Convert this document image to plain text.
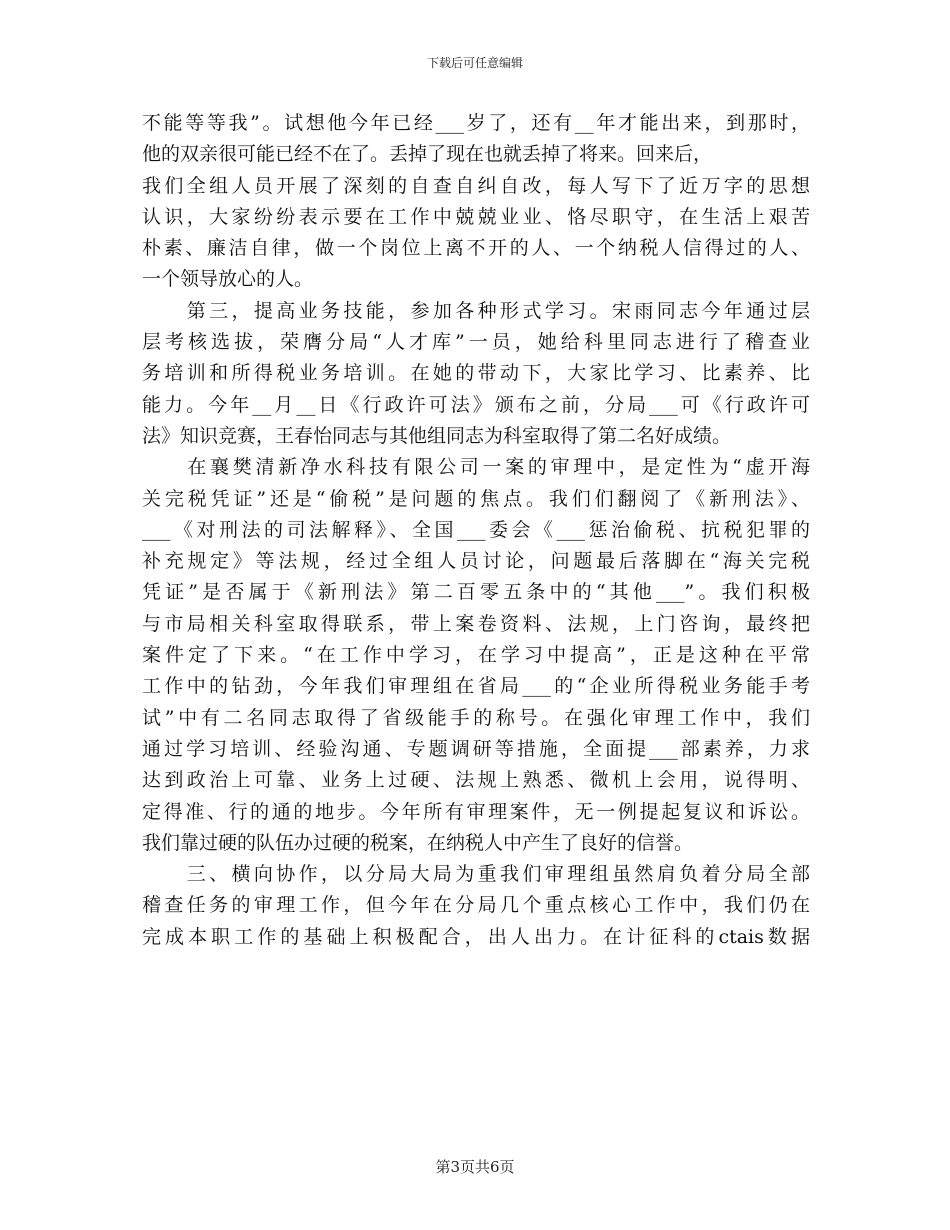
下载后可任意编辑
不能等等我”。试想他今年已经___岁了，还有__年才能出来，到那时，
他的双亲很可能已经不在了。丢掉了现在也就丢掉了将来。回来后，
我们全组人员开展了深刻的自查自纠自改，每人写下了近万字的思想
认识，大家纷纷表示要在工作中兢兢业业、恪尽职守，在生活上艰苦
朴素、廉洁自律，做一个岗位上离不开的人、一个纳税人信得过的人、
一个领导放心的人。
　　第三，提高业务技能，参加各种形式学习。宋雨同志今年通过层
层考核选拔，荣膺分局“人才库”一员，她给科里同志进行了稽查业
务培训和所得税业务培训。在她的带动下，大家比学习、比素养、比
能力。今年__月__日《行政许可法》颁布之前，分局___可《行政许可
法》知识竞赛，王春怡同志与其他组同志为科室取得了第二名好成绩。
　　在襄樊清新净水科技有限公司一案的审理中，是定性为“虚开海
关完税凭证”还是“偷税”是问题的焦点。我们们翻阅了《新刑法》、
___《对刑法的司法解释》、全国___委会《___惩治偷税、抗税犯罪的
补充规定》等法规，经过全组人员讨论，问题最后落脚在“海关完税
凭证”是否属于《新刑法》第二百零五条中的“其他___”。我们积极
与市局相关科室取得联系，带上案卷资料、法规，上门咨询，最终把
案件定了下来。“在工作中学习，在学习中提高”，正是这种在平常
工作中的钻劲，今年我们审理组在省局___的“企业所得税业务能手考
试”中有二名同志取得了省级能手的称号。在强化审理工作中，我们
通过学习培训、经验沟通、专题调研等措施，全面提___部素养，力求
达到政治上可靠、业务上过硬、法规上熟悉、微机上会用，说得明、
定得准、行的通的地步。今年所有审理案件，无一例提起复议和诉讼。
我们靠过硬的队伍办过硬的税案，在纳税人中产生了良好的信誉。
　　三、横向协作，以分局大局为重我们审理组虽然肩负着分局全部
稽查任务的审理工作，但今年在分局几个重点核心工作中，我们仍在
完成本职工作的基础上积极配合，出人出力。在计征科的ctais数据
第3页共6页
